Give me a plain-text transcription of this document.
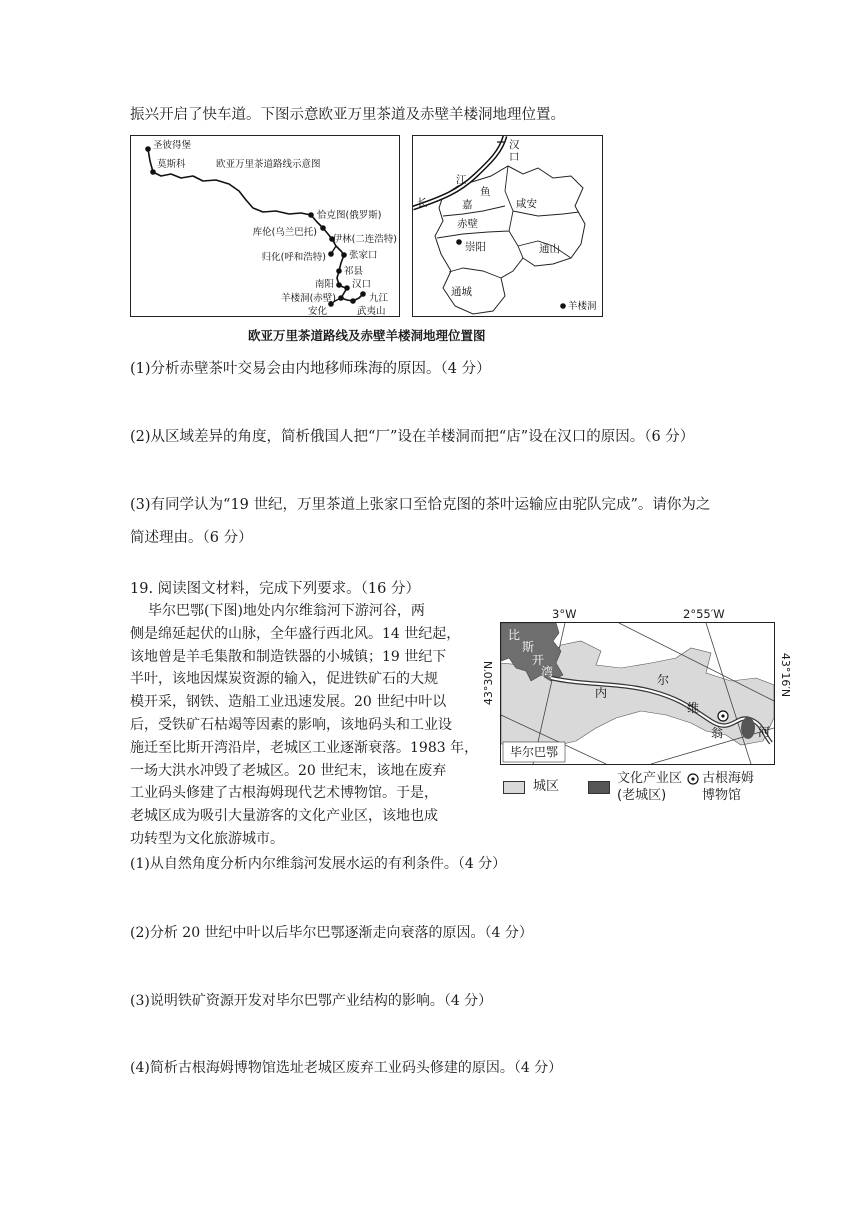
振兴开启了快车道。下图示意欧亚万里茶道及赤壁羊楼洞地理位置。
欧亚万里茶道路线示意图
圣彼得堡
莫斯科
恰克图(俄罗斯)
库伦(乌兰巴托)
伊林(二连浩特)
归化(呼和浩特) 张家口
祁县
南阳 汉口
羊楼洞(赤壁)	九江
安化	武夷山
汉
口
江
长
鱼
嘉	咸安
赤壁
崇阳	通山
通城
羊楼洞
欧亚万里茶道路线及赤壁羊楼洞地理位置图
(1)分析赤壁茶叶交易会由内地移师珠海的原因。（4 分）
(2)从区域差异的角度，简析俄国人把“厂”设在羊楼洞而把“店”设在汉口的原因。（6 分）
(3)有同学认为“19 世纪，万里茶道上张家口至恰克图的茶叶运输应由驼队完成”。请你为之
简述理由。（6 分）
19. 阅读图文材料，完成下列要求。（16 分）
毕尔巴鄂(下图)地处内尔维翁河下游河谷，两
侧是绵延起伏的山脉，全年盛行西北风。14 世纪起，
该地曾是羊毛集散和制造铁器的小城镇；19 世纪下
半叶，该地因煤炭资源的输入，促进铁矿石的大规
模开采，钢铁、造船工业迅速发展。20 世纪中叶以
后，受铁矿石枯竭等因素的影响，该地码头和工业设
施迁至比斯开湾沿岸，老城区工业逐渐衰落。1983 年，
一场大洪水冲毁了老城区。20 世纪末，该地在废弃
工业码头修建了古根海姆现代艺术博物馆。于是，
老城区成为吸引大量游客的文化产业区，该地也成
功转型为文化旅游城市。
3°W	2°55′W
43°30′N	43°16′N
比
斯
开
湾
内
尔
维
翁	河
毕尔巴鄂
城区
文化产业区
(老城区)
古根海姆
博物馆
(1)从自然角度分析内尔维翁河发展水运的有利条件。（4 分）
(2)分析 20 世纪中叶以后毕尔巴鄂逐渐走向衰落的原因。（4 分）
(3)说明铁矿资源开发对毕尔巴鄂产业结构的影响。（4 分）
(4)简析古根海姆博物馆选址老城区废弃工业码头修建的原因。（4 分）
